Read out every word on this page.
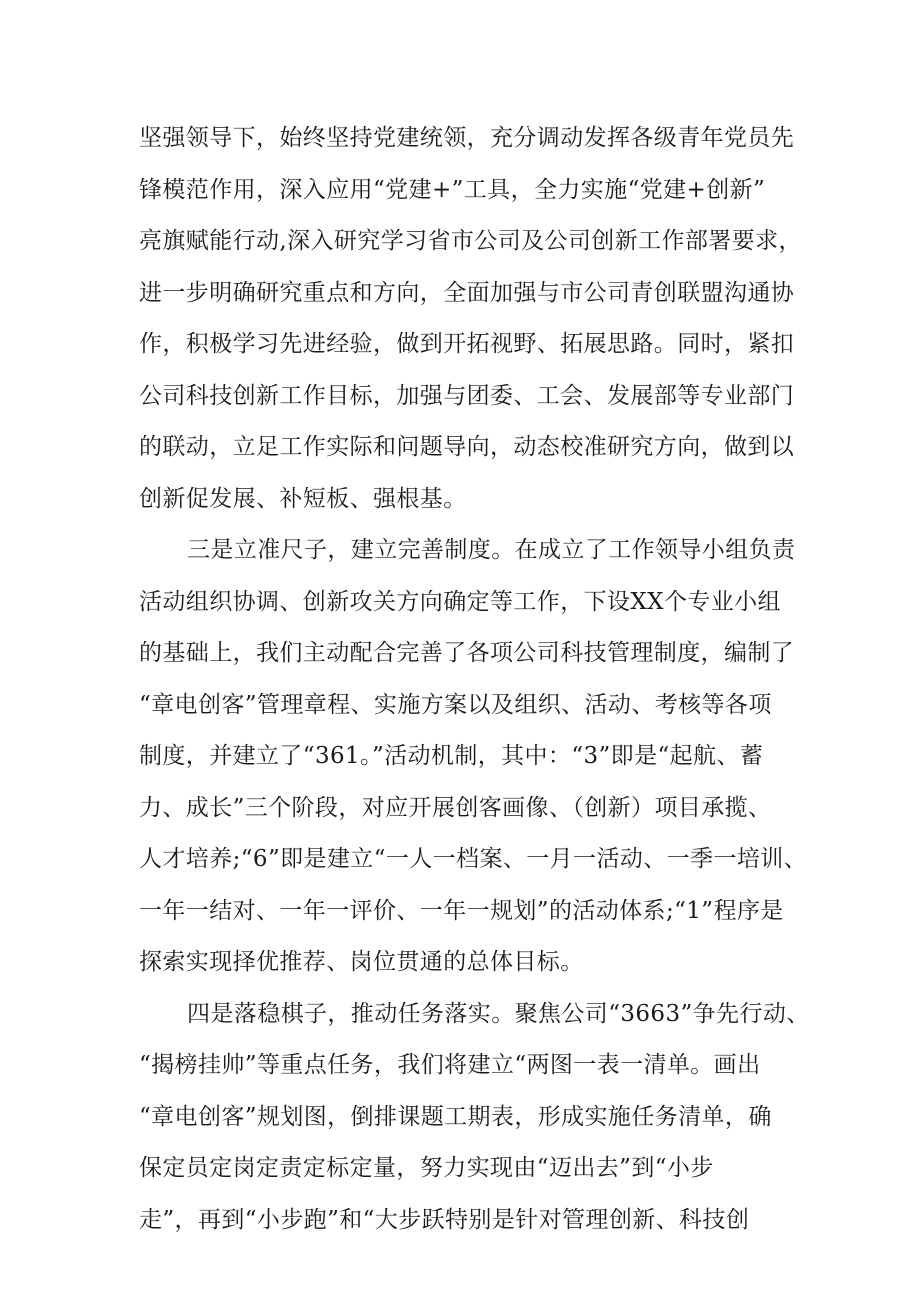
坚强领导下，始终坚持党建统领，充分调动发挥各级青年党员先
锋模范作用，深入应用“党建+”工具，全力实施“党建+创新”
亮旗赋能行动,深入研究学习省市公司及公司创新工作部署要求，
进一步明确研究重点和方向，全面加强与市公司青创联盟沟通协
作，积极学习先进经验，做到开拓视野、拓展思路。同时，紧扣
公司科技创新工作目标，加强与团委、工会、发展部等专业部门
的联动，立足工作实际和问题导向，动态校准研究方向，做到以
创新促发展、补短板、强根基。
三是立准尺子，建立完善制度。在成立了工作领导小组负责
活动组织协调、创新攻关方向确定等工作，下设XX个专业小组
的基础上，我们主动配合完善了各项公司科技管理制度，编制了
“章电创客”管理章程、实施方案以及组织、活动、考核等各项
制度，并建立了“361。”活动机制，其中：“3”即是“起航、蓄
力、成长”三个阶段，对应开展创客画像、（创新）项目承揽、
人才培养;“6”即是建立“一人一档案、一月一活动、一季一培训、
一年一结对、一年一评价、一年一规划”的活动体系;“1”程序是
探索实现择优推荐、岗位贯通的总体目标。
四是落稳棋子，推动任务落实。聚焦公司“3663”争先行动、
“揭榜挂帅”等重点任务，我们将建立“两图一表一清单。画出
“章电创客”规划图，倒排课题工期表，形成实施任务清单，确
保定员定岗定责定标定量，努力实现由“迈出去”到“小步
走”，再到“小步跑”和“大步跃特别是针对管理创新、科技创
